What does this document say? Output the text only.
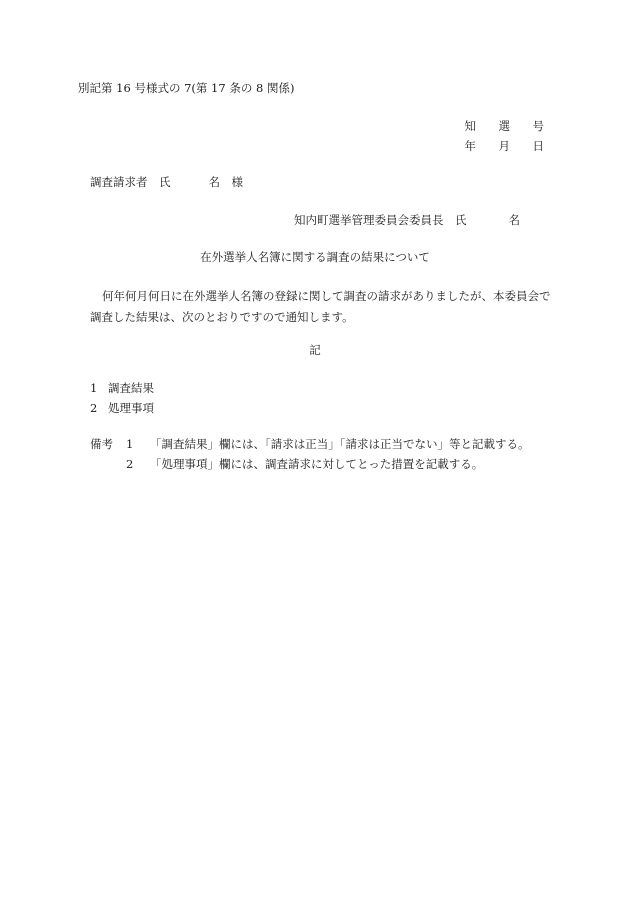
別記第 16 号様式の 7(第 17 条の 8 関係)
知	選	号
年	月	日
調査請求者　氏	名　様
知内町選挙管理委員会委員長　氏	名
在外選挙人名簿に関する調査の結果について
何年何月何日に在外選挙人名簿の登録に関して調査の請求がありましたが、本委員会で調査した結果は、次のとおりですので通知します。
記
1 調査結果
2 処理事項
備考 1 「調査結果」欄には、「請求は正当」「請求は正当でない」等と記載する。
2 「処理事項」欄には、調査請求に対してとった措置を記載する。
